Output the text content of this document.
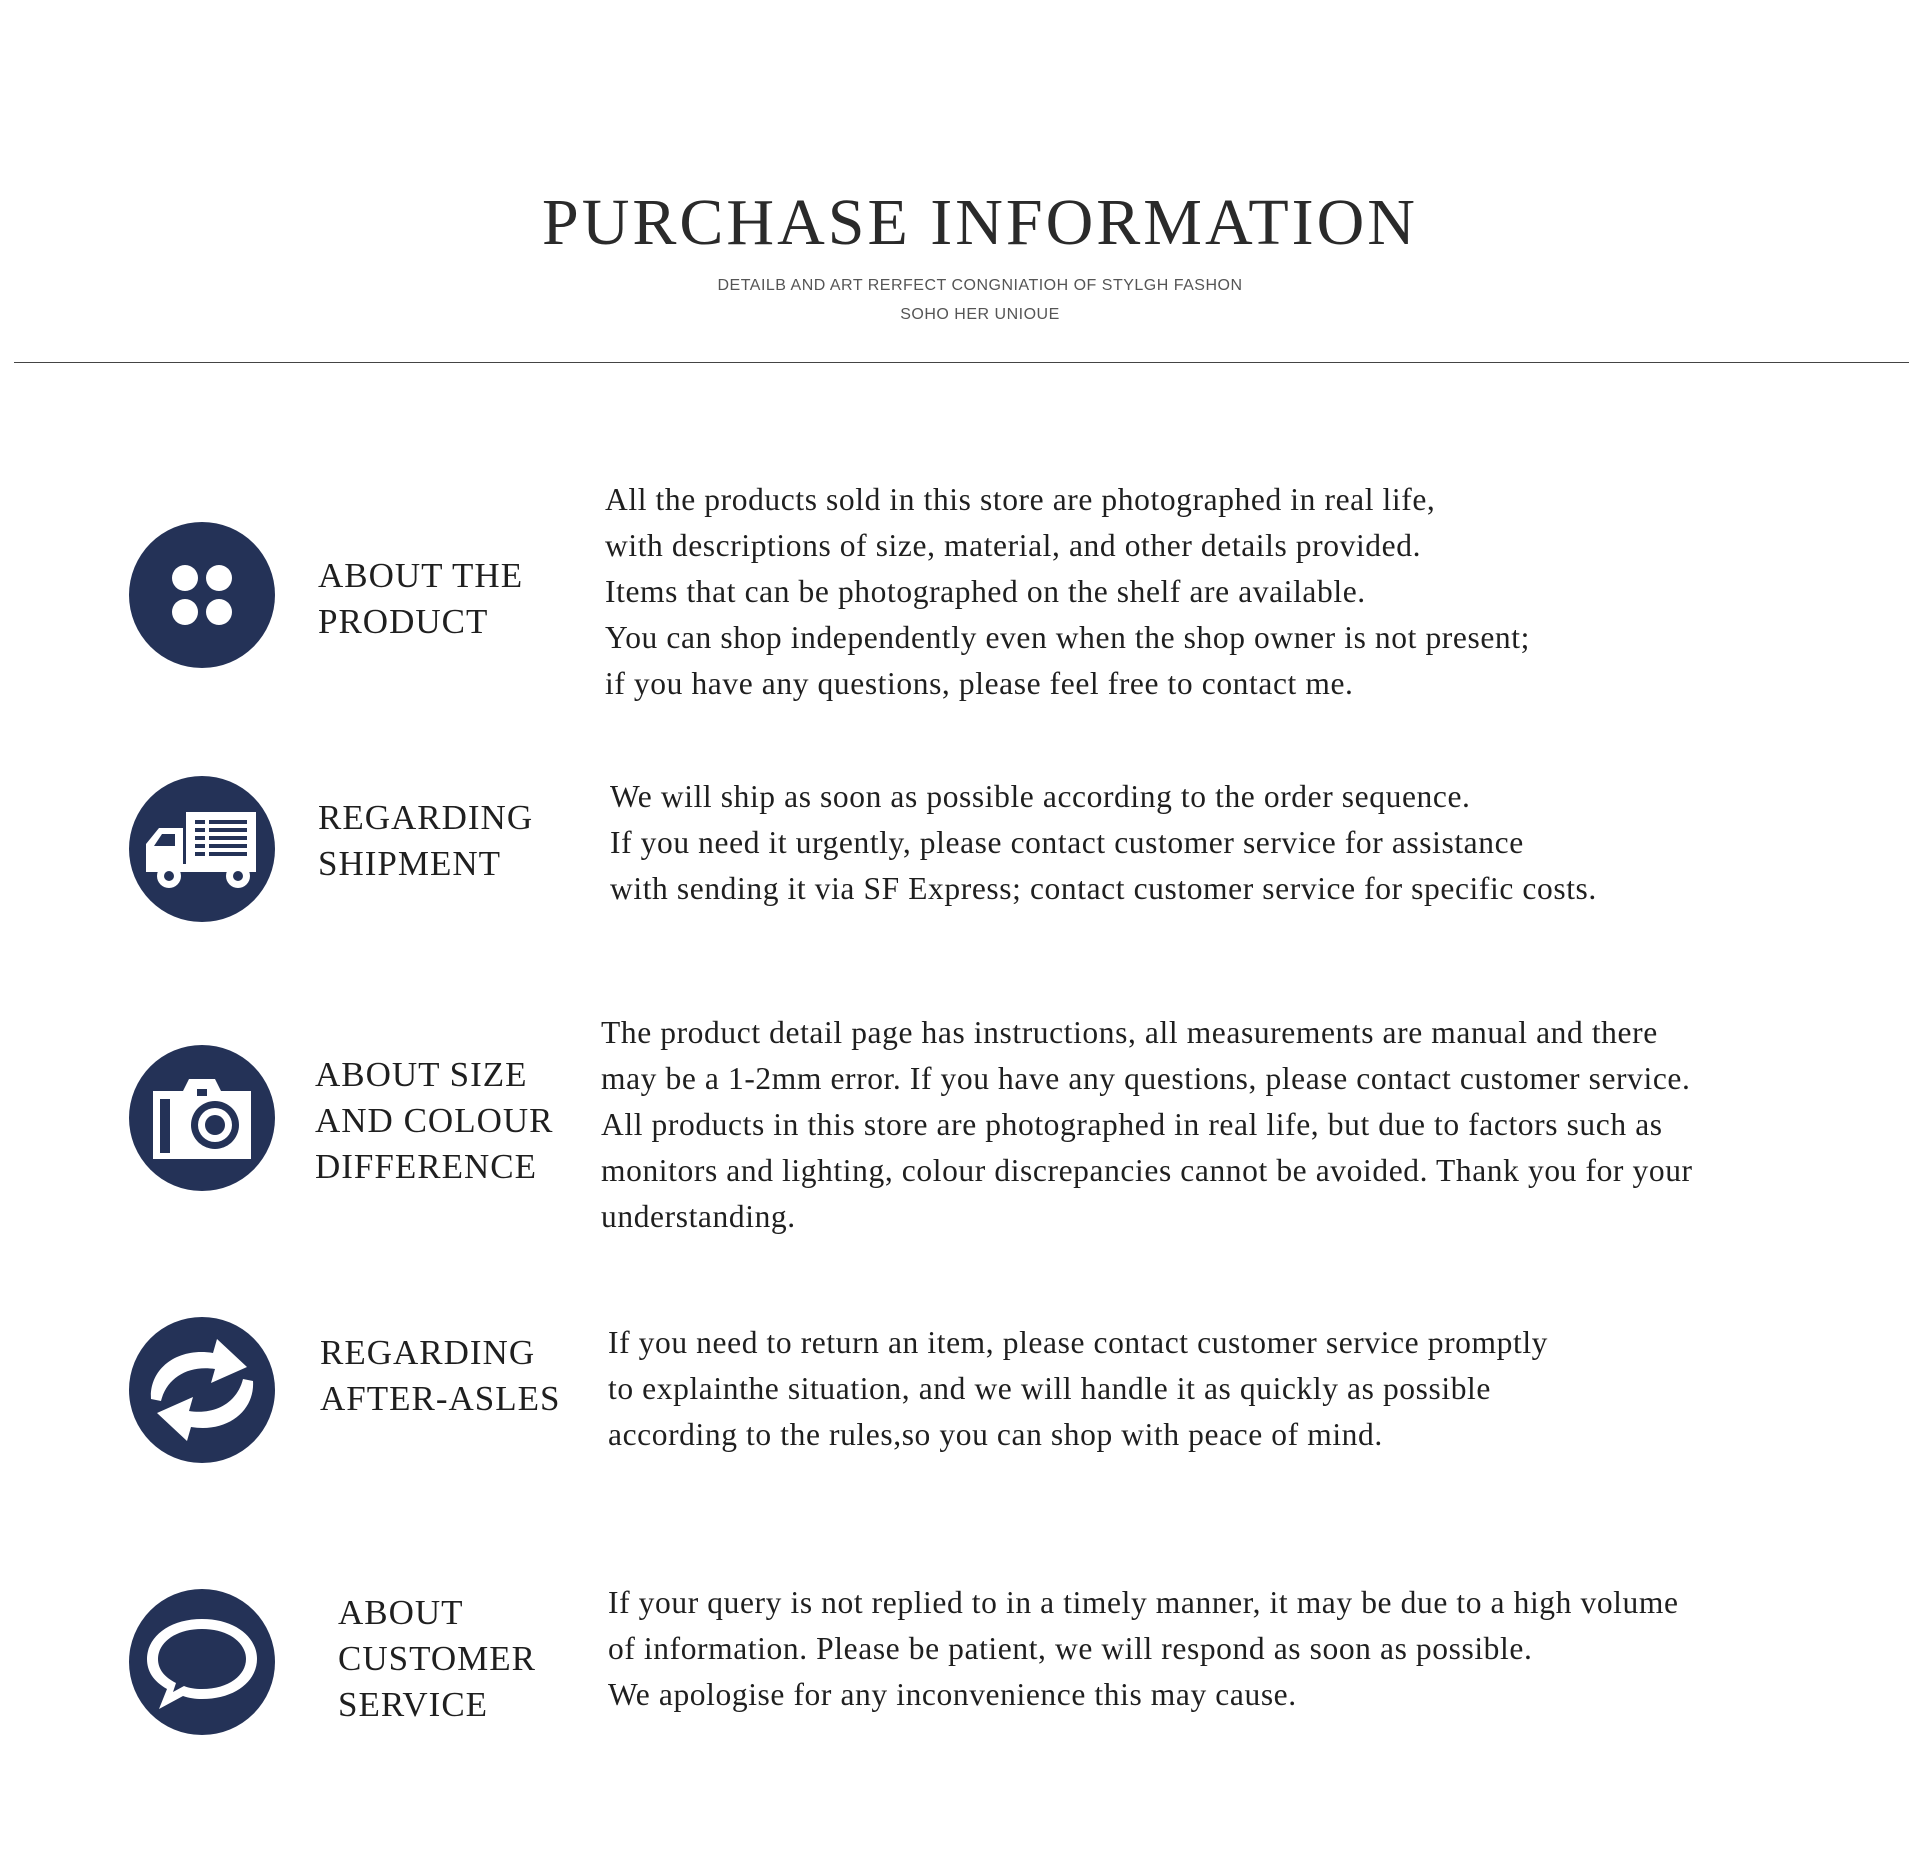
PURCHASE INFORMATION
DETAILB AND ART RERFECT CONGNIATIOH OF STYLGH FASHON
SOHO HER UNIOUE
ABOUT THE
PRODUCT
All the products sold in this store are photographed in real life,
with descriptions of size, material, and other details provided.
Items that can be photographed on the shelf are available.
You can shop independently even when the shop owner is not present;
if you have any questions, please feel free to contact me.
REGARDING
SHIPMENT
We will ship as soon as possible according to the order sequence.
If you need it urgently, please contact customer service for assistance
with sending it via SF Express; contact customer service for specific costs.
ABOUT SIZE
AND COLOUR
DIFFERENCE
The product detail page has instructions, all measurements are manual and there
may be a 1-2mm error. If you have any questions, please contact customer service.
All products in this store are photographed in real life, but due to factors such as
monitors and lighting, colour discrepancies cannot be avoided. Thank you for your
understanding.
REGARDING
AFTER-ASLES
If you need to return an item, please contact customer service promptly
to explainthe situation, and we will handle it as quickly as possible
according to the rules,so you can shop with peace of mind.
ABOUT
CUSTOMER
SERVICE
If your query is not replied to in a timely manner, it may be due to a high volume
of information. Please be patient, we will respond as soon as possible.
We apologise for any inconvenience this may cause.
